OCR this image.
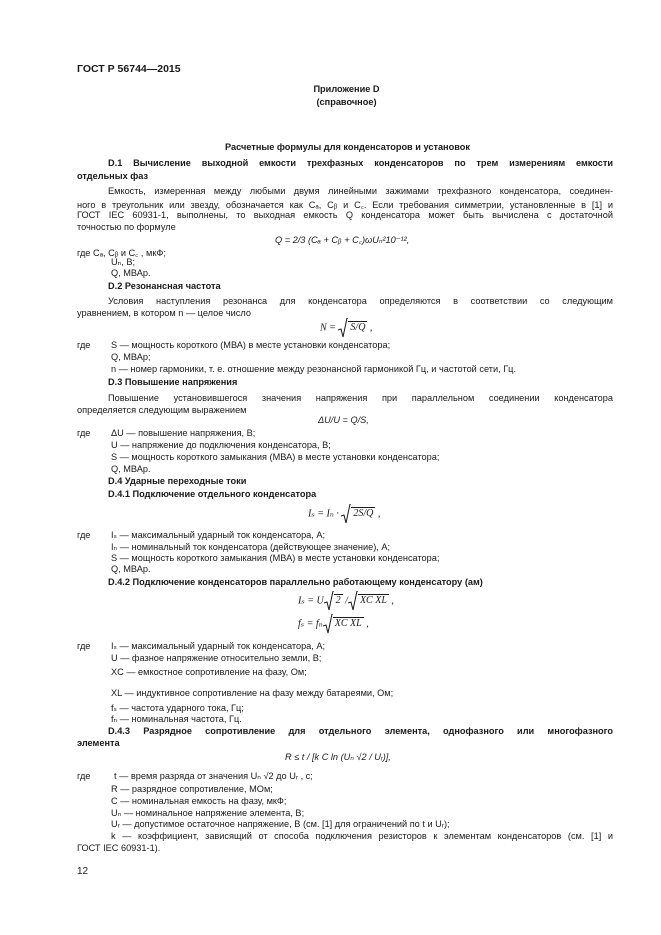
ГОСТ Р 56744—2015
Приложение D
(справочное)
Расчетные формулы для конденсаторов и установок
D.1 Вычисление выходной емкости трехфазных конденсаторов по трем измерениям емкости
отдельных фаз
Емкость, измеренная между любыми двумя линейными зажимами трехфазного конденсатора, соединен-
ного в треугольник или звезду, обозначается как Cₐ, Cᵦ и C꜀. Если требования симметрии, установленные в [1] и
ГОСТ IEC 60931-1, выполнены, то выходная емкость Q конденсатора может быть вычислена с достаточной
точностью по формуле
Q = 2/3 (Cₐ + Cᵦ + C꜀)ωUₙ²10⁻¹²,
где Cₐ, Cᵦ и C꜀ , мкФ;
Uₙ, В;
Q, МВАр.
D.2 Резонансная частота
Условия наступления резонанса для конденсатора определяются в соответствии со следующим
уравнением, в котором n — целое число
N = S/Q ,
где S — мощность короткого (МВА) в месте установки конденсатора;
Q, МВАр;
n — номер гармоники, т. е. отношение между резонансной гармоникой Гц, и частотой сети, Гц.
D.3 Повышение напряжения
Повышение установившегося значения напряжения при параллельном соединении конденсатора
определяется следующим выражением
ΔU/U = Q/S,
где ΔU — повышение напряжения, В;
U — напряжение до подключения конденсатора, В;
S — мощность короткого замыкания (МВА) в месте установки конденсатора;
Q, МВАр.
D.4 Ударные переходные токи
D.4.1 Подключение отдельного конденсатора
Iₛ = Iₙ · 2S/Q ,
где Iₛ — максимальный ударный ток конденсатора, А;
Iₙ — номинальный ток конденсатора (действующее значение), А;
S — мощность короткого замыкания (МВА) в месте установки конденсатора;
Q, МВАр.
D.4.2 Подключение конденсаторов параллельно работающему конденсатору (ам)
Iₛ = U 2 / XC XL ,
fₛ = fₙ XC XL ,
где Iₛ — максимальный ударный ток конденсатора, А;
U — фазное напряжение относительно земли, В;
XC — емкостное сопротивление на фазу, Ом;
XL — индуктивное сопротивление на фазу между батареями, Ом;
fₛ — частота ударного тока, Гц;
fₙ — номинальная частота, Гц.
D.4.3 Разрядное сопротивление для отдельного элемента, однофазного или многофазного
элемента
R ≤ t / [k C ln (Uₙ √2 / Uᵣ)],
где	t — время разряда от значения Uₙ √2 до Uᵣ , с;
R — разрядное сопротивление, МОм;
C — номинальная емкость на фазу, мкФ;
Uₙ — номинальное напряжение элемента, В;
Uᵣ — допустимое остаточное напряжение, В (см. [1] для ограничений по t и Uᵣ);
k — коэффициент, зависящий от способа подключения резисторов к элементам конденсаторов (см. [1] и
ГОСТ IEC 60931-1).
12
